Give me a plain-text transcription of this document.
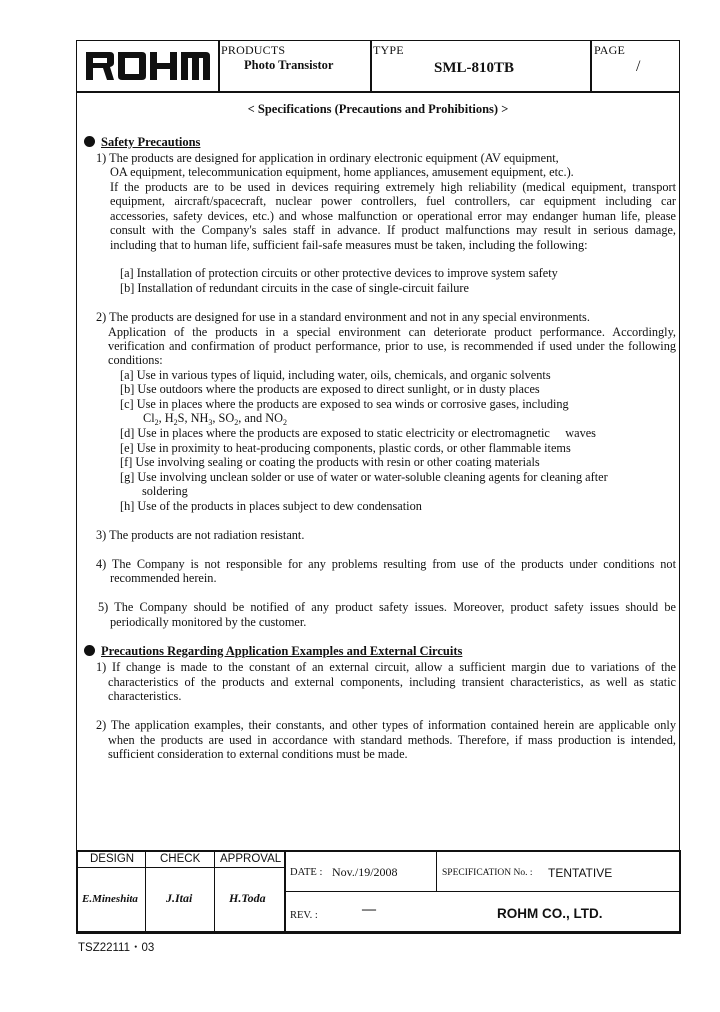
PRODUCTS
Photo Transistor
TYPE
SML-810TB
PAGE
/
< Specifications (Precautions and Prohibitions) >
Safety Precautions
1) The products are designed for application in ordinary electronic equipment (AV equipment,
OA equipment, telecommunication equipment, home appliances, amusement equipment, etc.).
If the products are to be used in devices requiring extremely high reliability (medical equipment, transport
equipment, aircraft/spacecraft, nuclear power controllers, fuel controllers, car equipment including car
accessories, safety devices, etc.) and whose malfunction or operational error may endanger human life, please
consult with the Company's sales staff in advance. If product malfunctions may result in serious damage,
including that to human life, sufficient fail-safe measures must be taken, including the following:
[a] Installation of protection circuits or other protective devices to improve system safety
[b] Installation of redundant circuits in the case of single-circuit failure
2) The products are designed for use in a standard environment and not in any special environments.
Application of the products in a special environment can deteriorate product performance. Accordingly,
verification and confirmation of product performance, prior to use, is recommended if used under the following
conditions:
[a] Use in various types of liquid, including water, oils, chemicals, and organic solvents
[b] Use outdoors where the products are exposed to direct sunlight, or in dusty places
[c] Use in places where the products are exposed to sea winds or corrosive gases, including
$Cl_2$, $H_2S$, $NH_3$, $SO_2$, and $NO_2$
[d] Use in places where the products are exposed to static electricity or electromagnetic     waves
[e] Use in proximity to heat-producing components, plastic cords, or other flammable items
[f] Use involving sealing or coating the products with resin or other coating materials
[g] Use involving unclean solder or use of water or water-soluble cleaning agents for cleaning after
soldering
[h] Use of the products in places subject to dew condensation
3) The products are not radiation resistant.
4) The Company is not responsible for any problems resulting from use of the products under conditions not
recommended herein.
5) The Company should be notified of any product safety issues. Moreover, product safety issues should be
periodically monitored by the customer.
Precautions Regarding Application Examples and External Circuits
1) If change is made to the constant of an external circuit, allow a sufficient margin due to variations of the
characteristics of the products and external components, including transient characteristics, as well as static
characteristics.
2) The application examples, their constants, and other types of information contained herein are applicable only
when the products are used in accordance with standard methods. Therefore, if mass production is intended,
sufficient consideration to external conditions must be made.
DESIGN CHECK APPROVAL
E.Mineshita J.Itai	H.Toda
DATE : Nov./19/2008	SPECIFICATION No. : TENTATIVE
REV. :	—	ROHM CO., LTD.
TSZ22111・03
